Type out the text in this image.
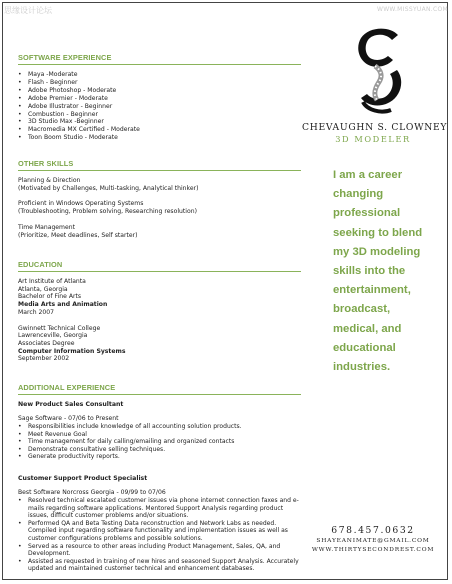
思缘设计论坛	WWW.MISSYUAN.COM
CHEVAUGHN S. CLOWNEY
3D MODELER
I am a career
changing
professional
seeking to blend
my 3D modeling
skills into the
entertainment,
broadcast,
medical, and
educational
industries.
678.457.0632
SHAYEANIMATE@GMAIL.COM
WWW.THIRTYSECONDREST.COM
SOFTWARE EXPERIENCE
• Maya -Moderate
• Flash - Beginner
• Adobe Photoshop - Moderate
• Adobe Premier - Moderate
• Adobe Illustrator - Beginner
• Combustion - Beginner
• 3D Studio Max -Beginner
• Macromedia MX Certified - Moderate
• Toon Boom Studio - Moderate
OTHER SKILLS

Planning & Direction

(Motivated by Challenges, Multi-tasking, Analytical thinker)

Proficient in Windows Operating Systems

(Troubleshooting, Problem solving, Researching resolution)

Time Management

(Prioritize, Meet deadlines, Self starter)

EDUCATION

Art Institute of Atlanta

Atlanta, Georgia

Bachelor of Fine Arts

Media Arts and Animation

March 2007

Gwinnett Technical College

Lawrenceville, Georgia

Associates Degree

Computer Information Systems

September 2002

ADDITIONAL EXPERIENCE

New Product Sales Consultant

Sage Software - 07/06 to Present

• Responsibilities include knowledge of all accounting solution products.
• Meet Revenue Goal
• Time management for daily calling/emailing and organized contacts
• Demonstrate consultative selling techniques.
• Generate productivity reports.

Customer Support Product Specialist

Best Software Norcross Georgia - 09/99 to 07/06

• Resolved technical escalated customer issues via phone internet connection faxes and e-mails regarding software applications. Mentored Support Analysis regarding product issues, difficult customer problems and/or situations.
• Performed QA and Beta Testing Data reconstruction and Network Labs as needed. Compiled input regarding software functionality and implementation issues as well as customer configurations problems and possible solutions.
• Served as a resource to other areas including Product Management, Sales, QA, and Development.
• Assisted as requested in training of new hires and seasoned Support Analysis. Accurately updated and maintained customer technical and enhancement databases.
